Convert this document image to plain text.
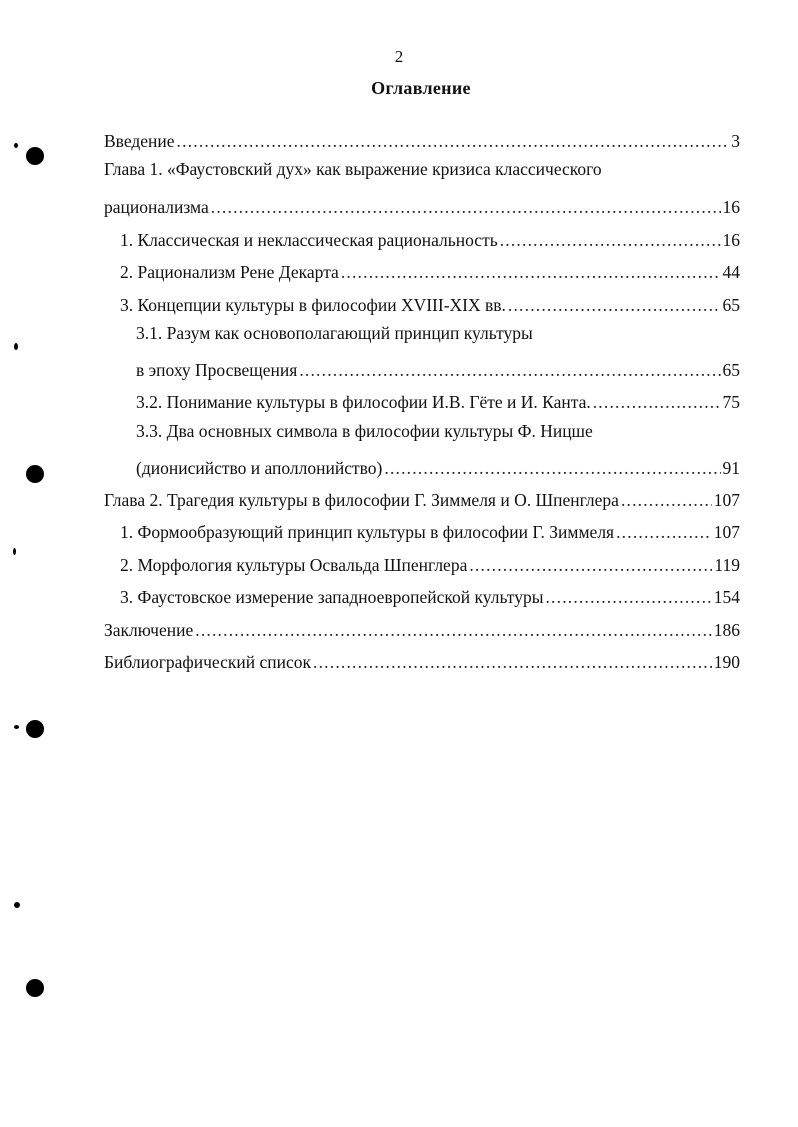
2
Оглавление
Введение .....	3
Глава 1. «Фаустовский дух» как выражение кризиса классического
рационализма .....	16
1. Классическая и неклассическая рациональность .....	16
2. Рационализм Рене Декарта .....	44
3. Концепции культуры в философии XVIII-XIX вв. .....	65
3.1. Разум как основополагающий принцип культуры
в эпоху Просвещения .....	65
3.2. Понимание культуры в философии И.В. Гёте и И. Канта. .....	75
3.3. Два основных символа в философии культуры Ф. Ницше
(дионисийство и аполлонийство) .....	91
Глава 2. Трагедия культуры в философии Г. Зиммеля и О. Шпенглера .....	107
1. Формообразующий принцип культуры в философии Г. Зиммеля .....	107
2. Морфология культуры Освальда Шпенглера .....	119
3. Фаустовское измерение западноевропейской культуры .....	154
Заключение .....	186
Библиографический список .....	190
